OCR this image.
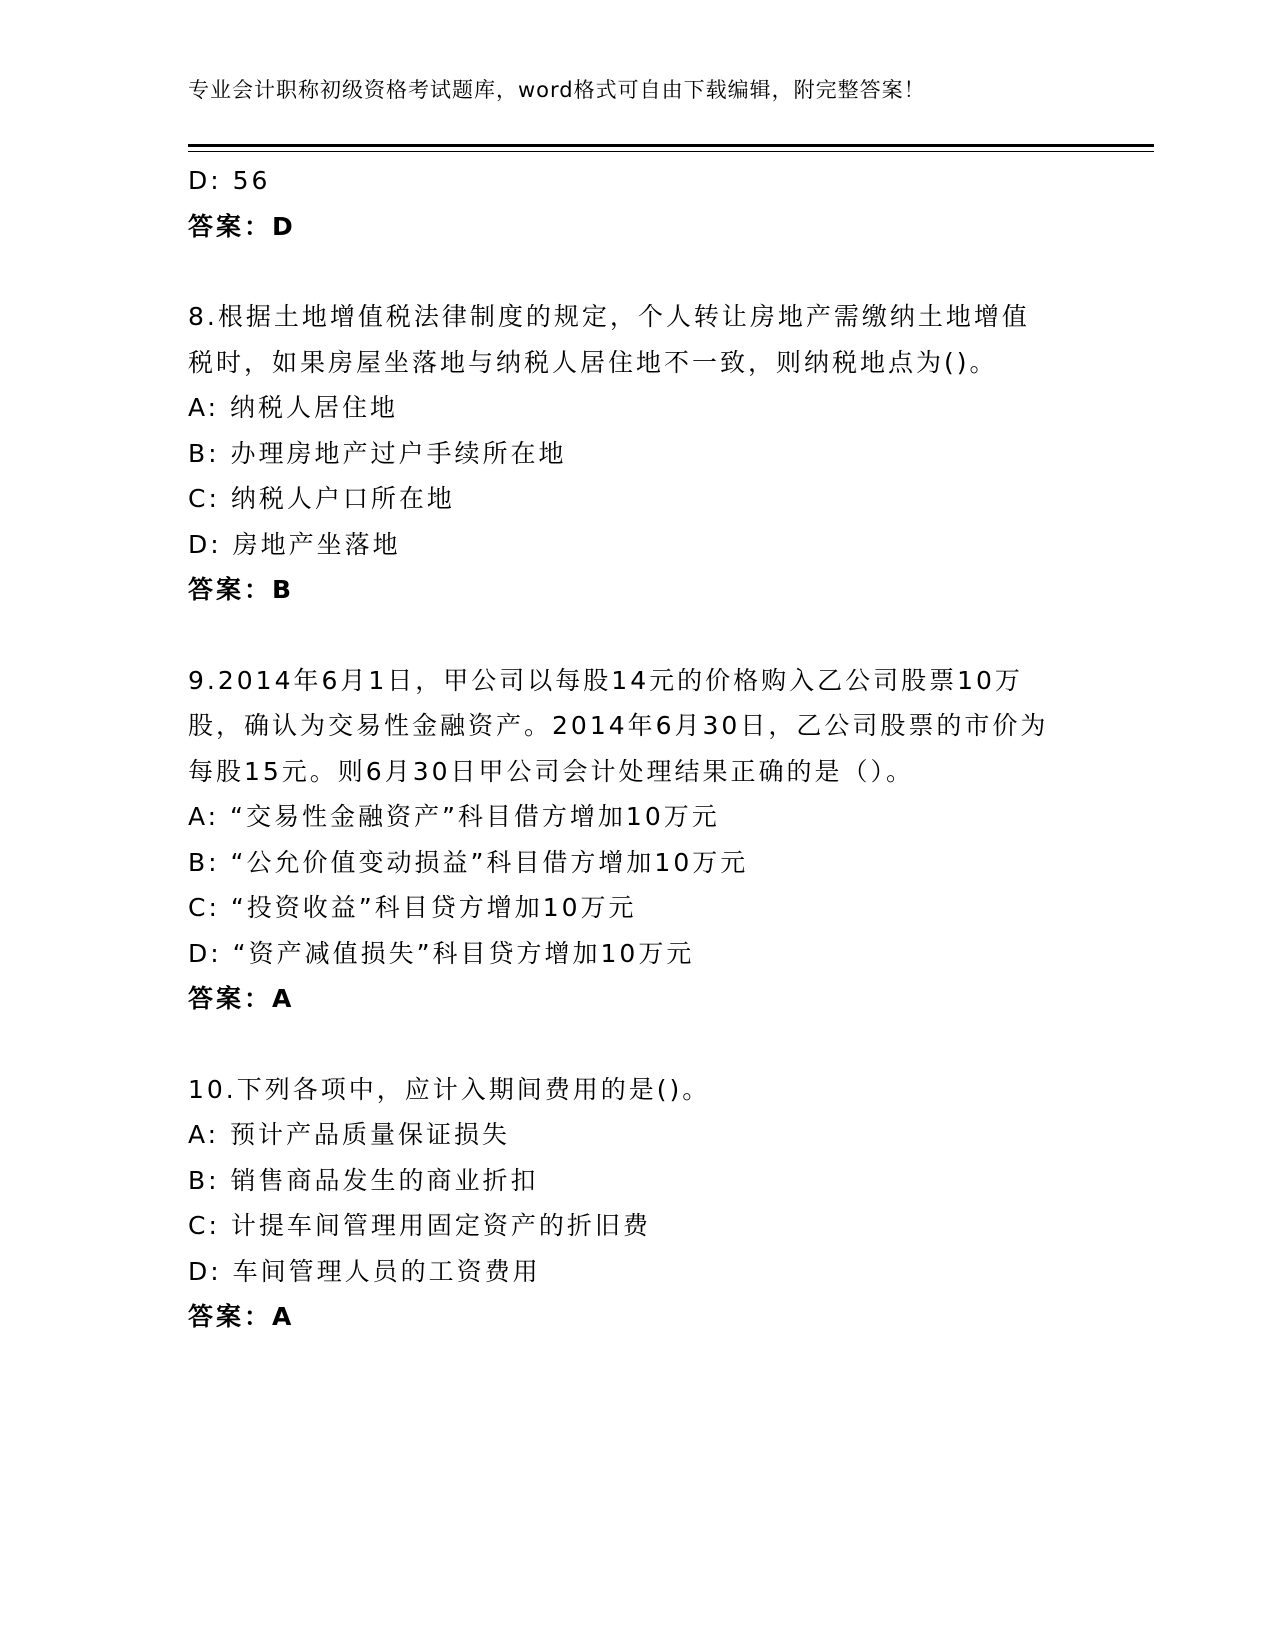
专业会计职称初级资格考试题库，word格式可自由下载编辑，附完整答案！
D: 56
答案：D
8.根据土地增值税法律制度的规定，个人转让房地产需缴纳土地增值
税时，如果房屋坐落地与纳税人居住地不一致，则纳税地点为()。
A: 纳税人居住地
B: 办理房地产过户手续所在地
C: 纳税人户口所在地
D: 房地产坐落地
答案：B
9.2014年6月1日，甲公司以每股14元的价格购入乙公司股票10万
股，确认为交易性金融资产。2014年6月30日，乙公司股票的市价为
每股15元。则6月30日甲公司会计处理结果正确的是（）。
A: “交易性金融资产”科目借方增加10万元
B: “公允价值变动损益”科目借方增加10万元
C: “投资收益”科目贷方增加10万元
D: “资产减值损失”科目贷方增加10万元
答案：A
10.下列各项中，应计入期间费用的是()。
A: 预计产品质量保证损失
B: 销售商品发生的商业折扣
C: 计提车间管理用固定资产的折旧费
D: 车间管理人员的工资费用
答案：A
